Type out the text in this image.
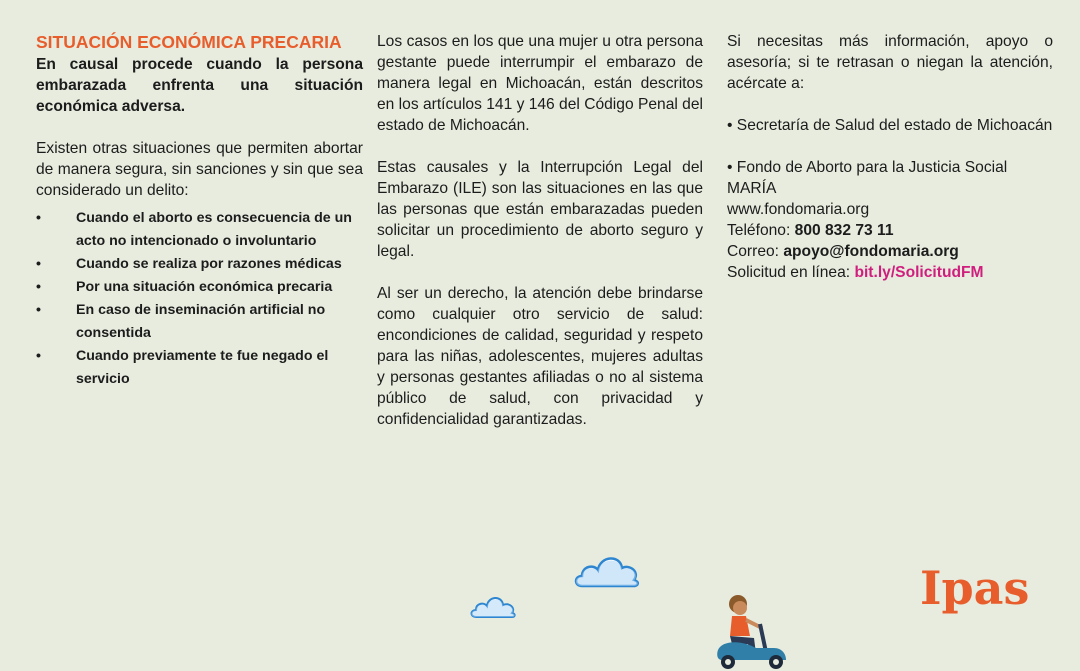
SITUACIÓN ECONÓMICA PRECARIA

En causal procede cuando la persona embarazada enfrenta una situación económica adversa.

Existen otras situaciones que permiten abortar de manera segura, sin sanciones y sin que sea considerado un delito:

• Cuando el aborto es consecuencia de un acto no intencionado o involuntario
• Cuando se realiza por razones médicas
• Por una situación económica precaria
• En caso de inseminación artificial no consentida
• Cuando previamente te fue negado el servicio

Los casos en los que una mujer u otra persona gestante puede interrumpir el embarazo de manera legal en Michoacán, están descritos en los artículos 141 y 146 del Código Penal del estado de Michoacán.

Estas causales y la Interrupción Legal del Embarazo (ILE) son las situaciones en las que las personas que están embarazadas pueden solicitar un procedimiento de aborto seguro y legal.

Al ser un derecho, la atención debe brindarse como cualquier otro servicio de salud: encondiciones de calidad, seguridad y respeto para las niñas, adolescentes, mujeres adultas y personas gestantes afiliadas o no al sistema público de salud, con privacidad y confidencialidad garantizadas.

Si necesitas más información, apoyo o asesoría; si te retrasan o niegan la atención, acércate a:

• Secretaría de Salud del estado de Michoacán

• Fondo de Aborto para la Justicia Social MARÍA

www.fondomaria.org
Teléfono: 800 832 73 11
Correo: apoyo@fondomaria.org
Solicitud en línea: bit.ly/SolicitudFM
Ipas
